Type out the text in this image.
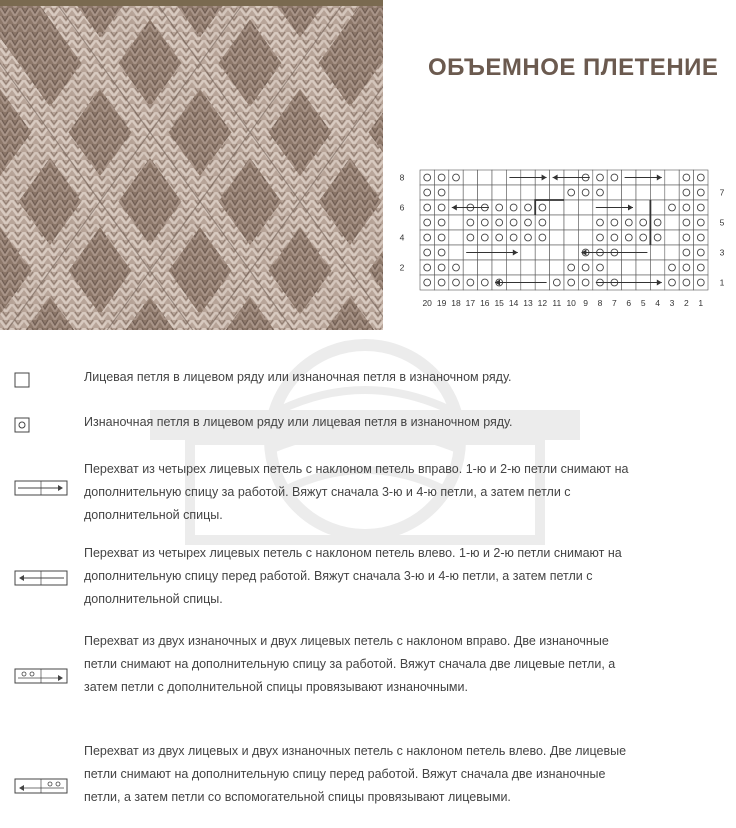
ОБЪЕМНОЕ ПЛЕТЕНИЕ
20 19 18 17 16 15 14 13 12 11 10 9 8 7 6 5 4 3 2 1
8
6
4
2
7
5
3
1
Лицевая петля в лицевом ряду или изнаночная петля в изнаночном ряду.
Изнаночная петля в лицевом ряду или лицевая петля в изнаночном ряду.
Перехват из четырех лицевых петель с наклоном петель вправо. 1-ю и 2-ю петли снимают на дополнительную спицу за работой. Вяжут сначала 3-ю и 4-ю петли, а затем петли с дополнительной спицы.
Перехват из четырех лицевых петель с наклоном петель влево. 1-ю и 2-ю петли снимают на дополнительную спицу перед работой. Вяжут сначала 3-ю и 4-ю петли, а затем петли с дополнительной спицы.
Перехват из двух изнаночных и двух лицевых петель с наклоном вправо. Две изнаночные петли снимают на дополнительную спицу за работой. Вяжут сначала две лицевые петли, а затем петли с дополнительной спицы провязывают изнаночными.
Перехват из двух лицевых и двух изнаночных петель с наклоном петель влево. Две лицевые петли снимают на дополнительную спицу перед работой. Вяжут сначала две изнаночные петли, а затем петли со вспомогательной спицы провязывают лицевыми.
